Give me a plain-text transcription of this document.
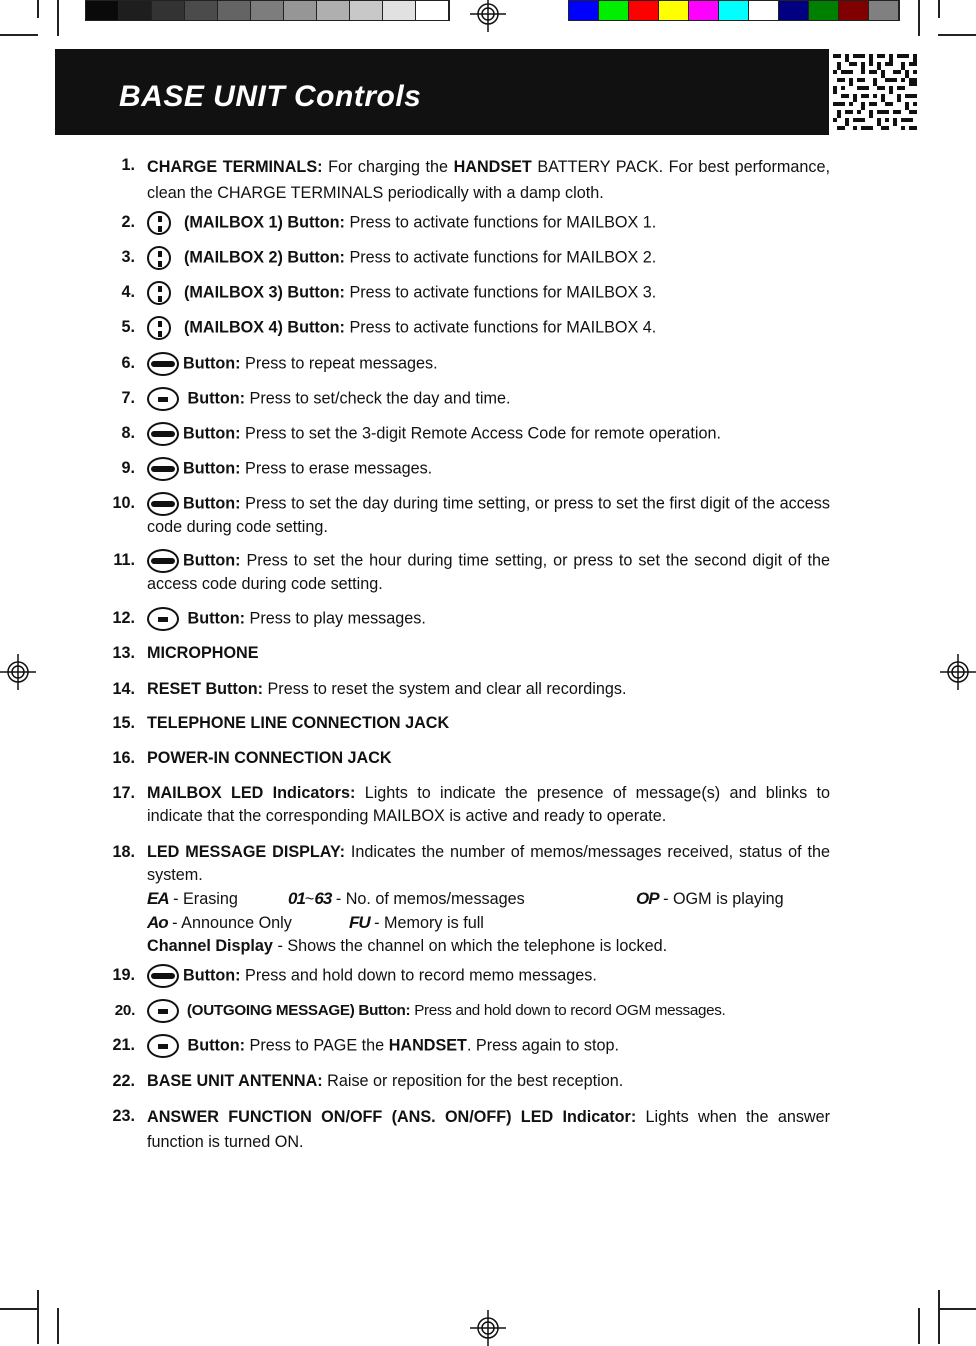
BASE UNIT Controls
1. CHARGE TERMINALS: For charging the HANDSET BATTERY PACK. For best performance, clean the CHARGE TERMINALS periodically with a damp cloth.
2.	(MAILBOX 1) Button: Press to activate functions for MAILBOX 1.
3.	(MAILBOX 2) Button: Press to activate functions for MAILBOX 2.
4.	(MAILBOX 3) Button: Press to activate functions for MAILBOX 3.
5.	(MAILBOX 4) Button: Press to activate functions for MAILBOX 4.
6.	Button: Press to repeat messages.
7.	Button: Press to set/check the day and time.
8.	Button: Press to set the 3-digit Remote Access Code for remote operation.
9.	Button: Press to erase messages.
10.	Button: Press to set the day during time setting, or press to set the first digit of the access code during code setting.
11.	Button: Press to set the hour during time setting, or press to set the second digit of the access code during code setting.
12.	Button: Press to play messages.
13. MICROPHONE
14. RESET Button: Press to reset the system and clear all recordings.
15. TELEPHONE LINE CONNECTION JACK
16. POWER-IN CONNECTION JACK
17. MAILBOX LED Indicators: Lights to indicate the presence of message(s) and blinks to indicate that the corresponding MAILBOX is active and ready to operate.
18. LED MESSAGE DISPLAY: Indicates the number of memos/messages received, status of the system.
EA - Erasing	01~63 - No. of memos/messages	OP - OGM is playing
Ao - Announce Only	FU - Memory is full
Channel Display - Shows the channel on which the telephone is locked.
19.	Button: Press and hold down to record memo messages.
20.	(OUTGOING MESSAGE) Button: Press and hold down to record OGM messages.
21.	Button: Press to PAGE the HANDSET. Press again to stop.
22. BASE UNIT ANTENNA: Raise or reposition for the best reception.
23. ANSWER FUNCTION ON/OFF (ANS. ON/OFF) LED Indicator: Lights when the answer function is turned ON.
